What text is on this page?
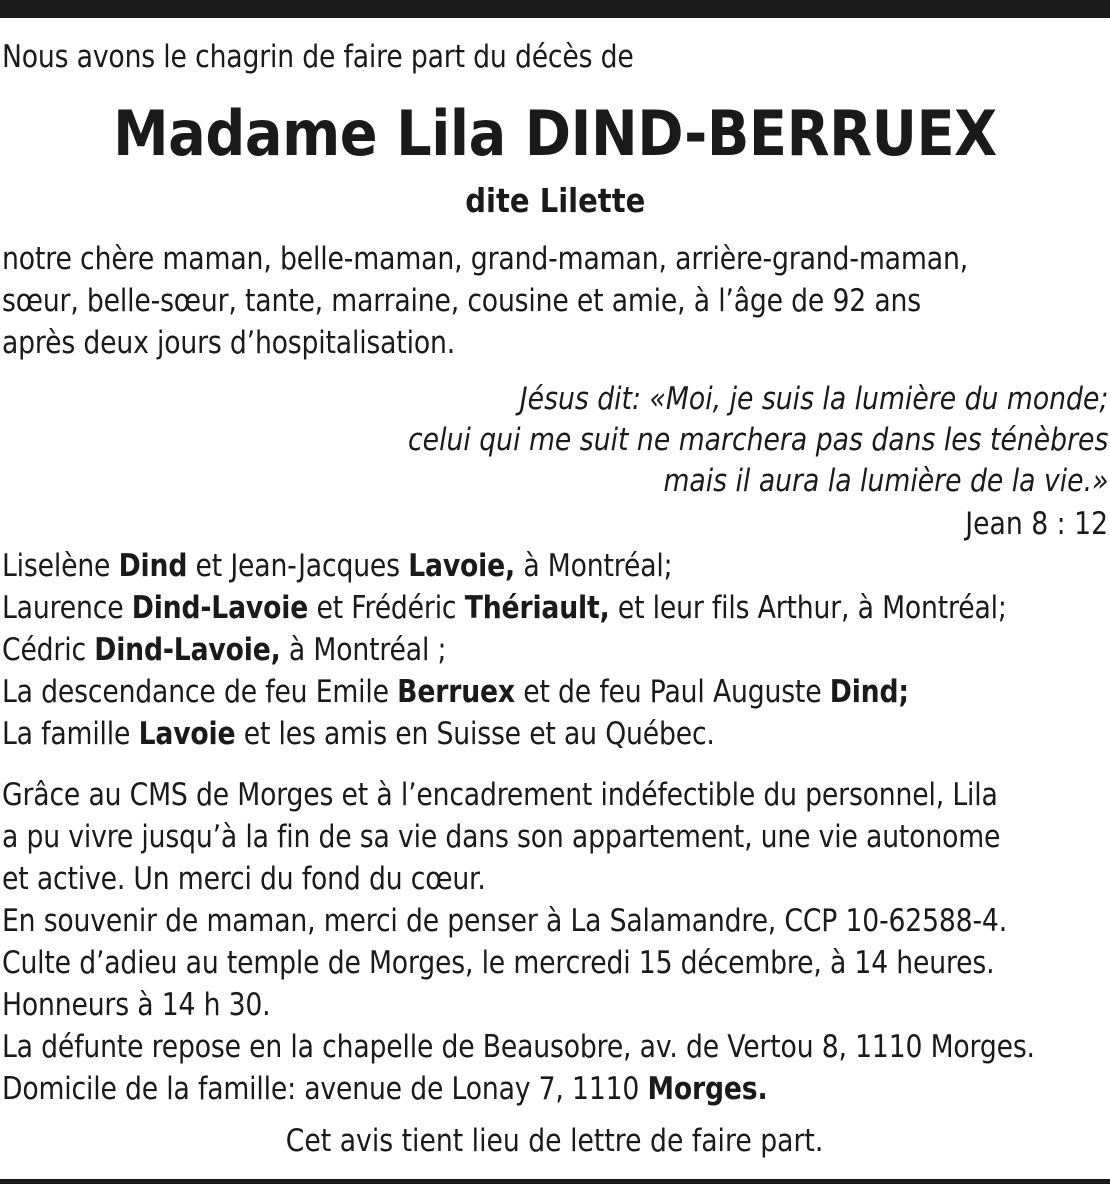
Nous avons le chagrin de faire part du décès de
Madame Lila DIND-BERRUEX
dite Lilette
notre chère maman, belle-maman, grand-maman, arrière-grand-maman,
sœur, belle-sœur, tante, marraine, cousine et amie, à l’âge de 92 ans
après deux jours d’hospitalisation.
Jésus dit: «Moi, je suis la lumière du monde;
celui qui me suit ne marchera pas dans les ténèbres
mais il aura la lumière de la vie.»
Jean 8 : 12
Liselène Dind et Jean-Jacques Lavoie, à Montréal;
Laurence Dind-Lavoie et Frédéric Thériault, et leur fils Arthur, à Montréal;
Cédric Dind-Lavoie, à Montréal ;
La descendance de feu Emile Berruex et de feu Paul Auguste Dind;
La famille Lavoie et les amis en Suisse et au Québec.
Grâce au CMS de Morges et à l’encadrement indéfectible du personnel, Lila
a pu vivre jusqu’à la fin de sa vie dans son appartement, une vie autonome
et active. Un merci du fond du cœur.
En souvenir de maman, merci de penser à La Salamandre, CCP 10-62588-4.
Culte d’adieu au temple de Morges, le mercredi 15 décembre, à 14 heures.
Honneurs à 14 h 30.
La défunte repose en la chapelle de Beausobre, av. de Vertou 8, 1110 Morges.
Domicile de la famille: avenue de Lonay 7, 1110 Morges.
Cet avis tient lieu de lettre de faire part.
